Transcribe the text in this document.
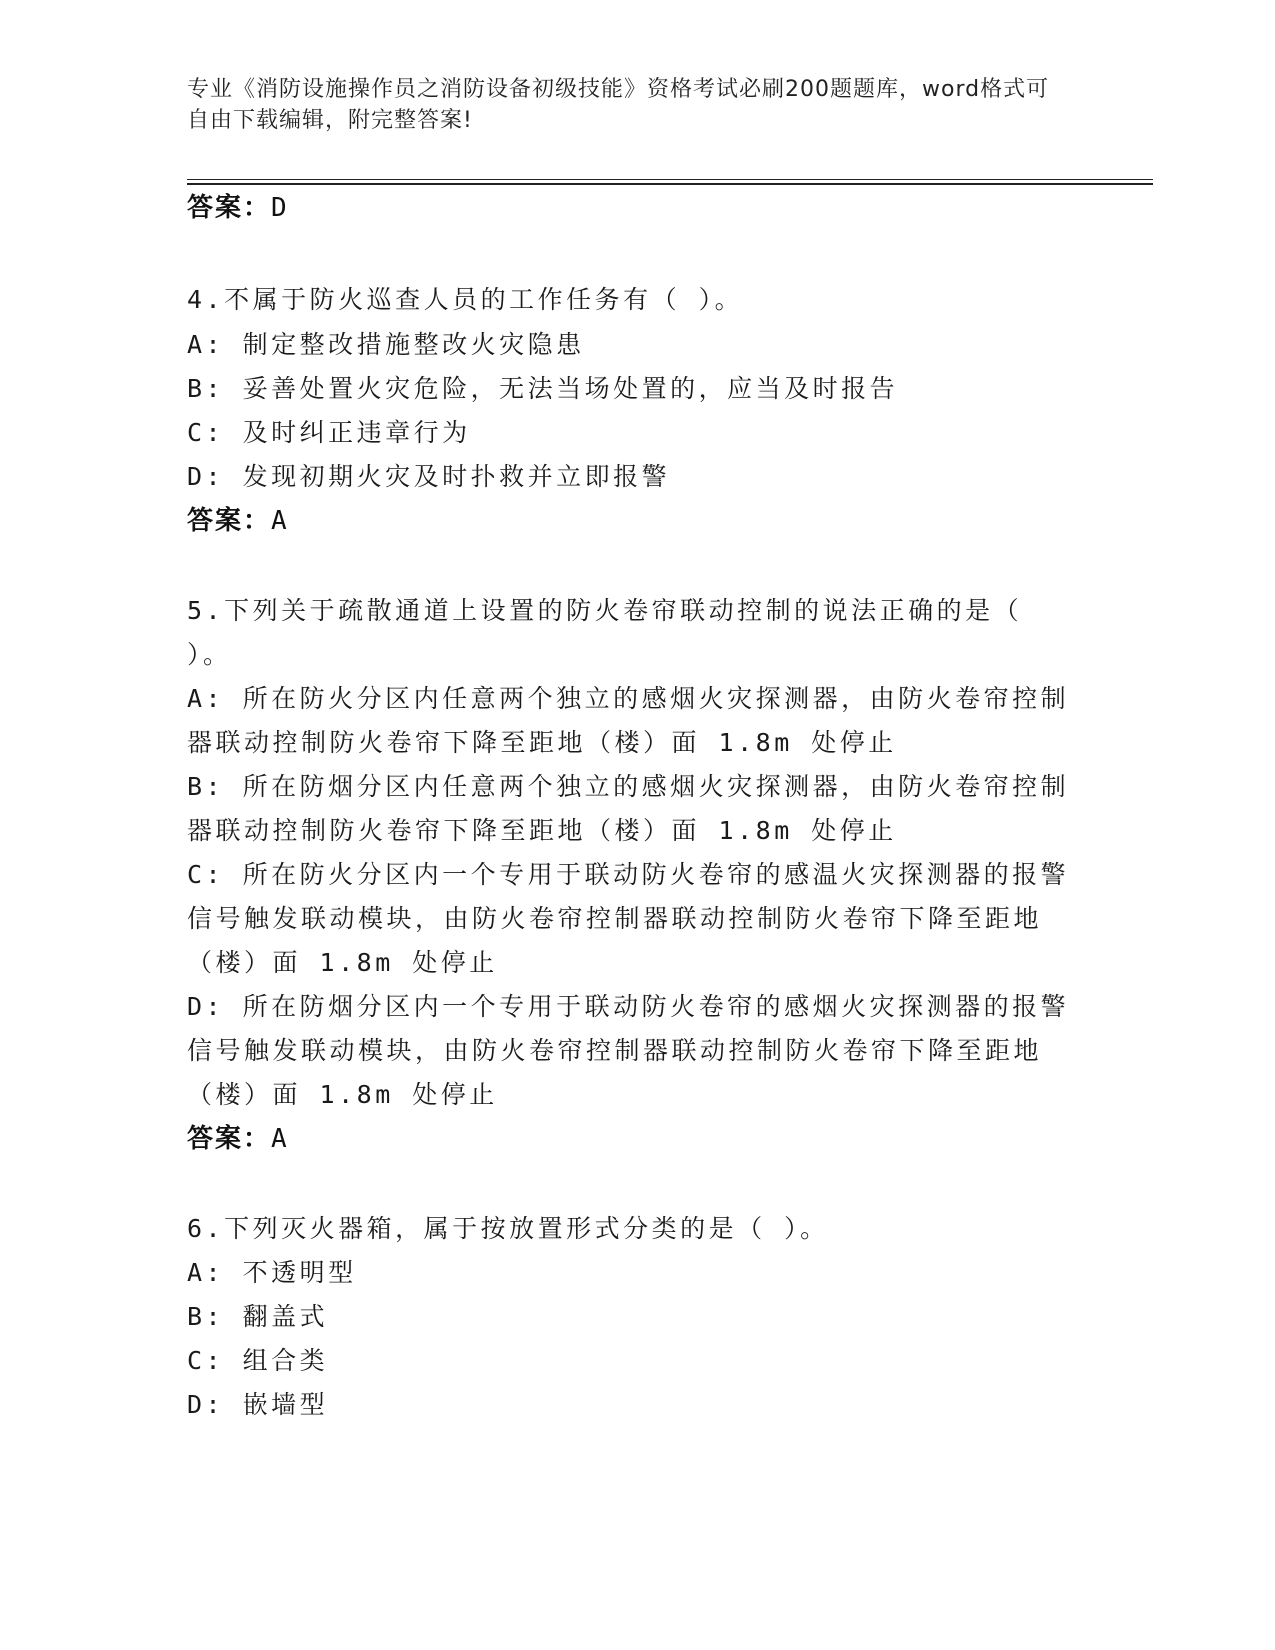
专业《消防设施操作员之消防设备初级技能》资格考试必刷200题题库，word格式可自由下载编辑，附完整答案!
答案：D
4.不属于防火巡查人员的工作任务有（ ）。
A: 制定整改措施整改火灾隐患
B: 妥善处置火灾危险，无法当场处置的，应当及时报告
C: 及时纠正违章行为
D: 发现初期火灾及时扑救并立即报警
答案：A
5.下列关于疏散通道上设置的防火卷帘联动控制的说法正确的是（
）。
A: 所在防火分区内任意两个独立的感烟火灾探测器，由防火卷帘控制
器联动控制防火卷帘下降至距地（楼）面 1.8m 处停止
B: 所在防烟分区内任意两个独立的感烟火灾探测器，由防火卷帘控制
器联动控制防火卷帘下降至距地（楼）面 1.8m 处停止
C: 所在防火分区内一个专用于联动防火卷帘的感温火灾探测器的报警
信号触发联动模块，由防火卷帘控制器联动控制防火卷帘下降至距地
（楼）面 1.8m 处停止
D: 所在防烟分区内一个专用于联动防火卷帘的感烟火灾探测器的报警
信号触发联动模块，由防火卷帘控制器联动控制防火卷帘下降至距地
（楼）面 1.8m 处停止
答案：A
6.下列灭火器箱，属于按放置形式分类的是（ ）。
A: 不透明型
B: 翻盖式
C: 组合类
D: 嵌墙型
